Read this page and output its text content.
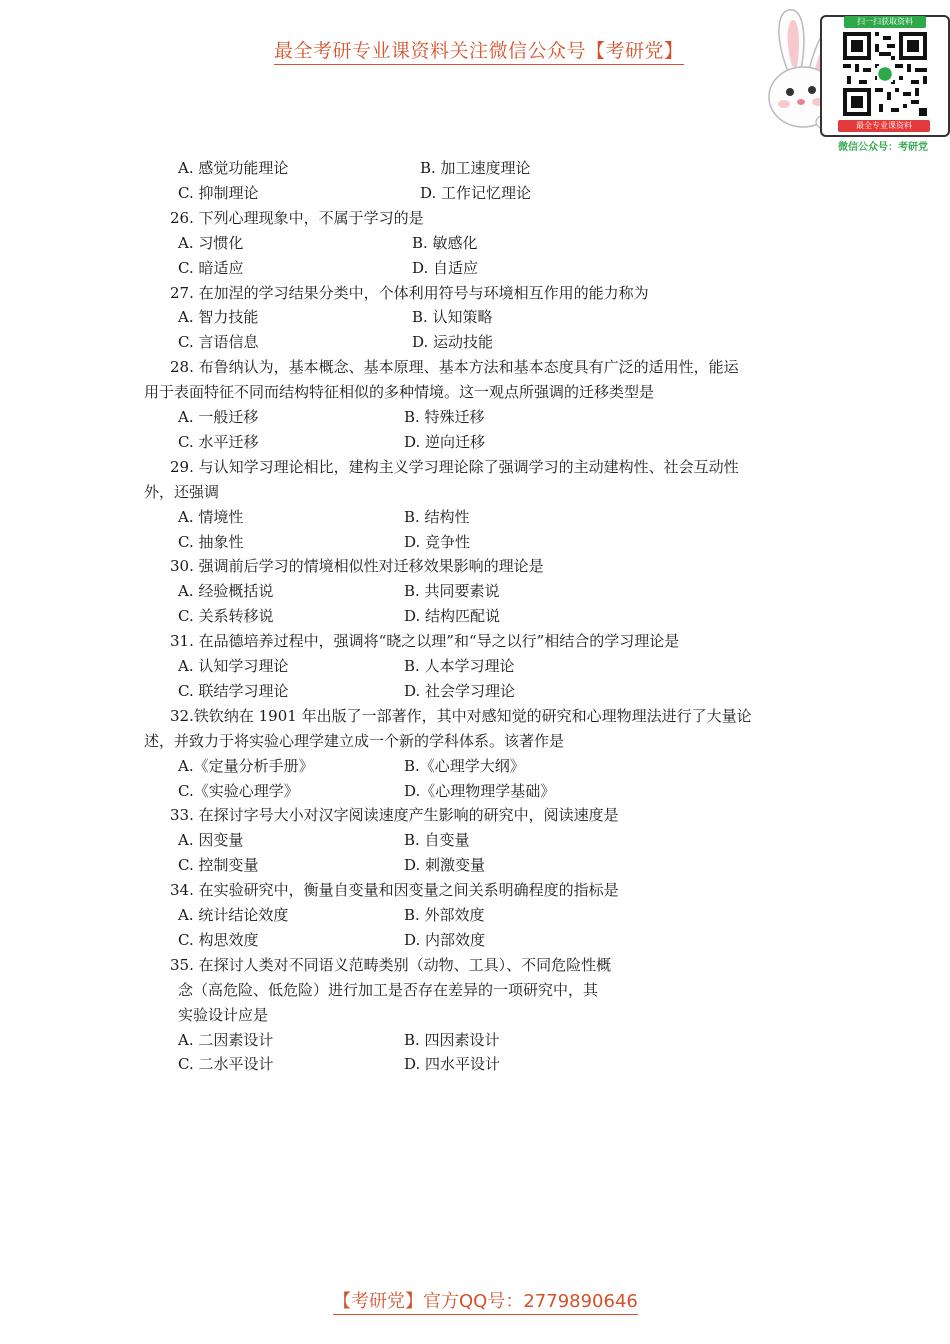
最全考研专业课资料关注微信公众号【考研党】
扫一扫获取资料
最全专业课资料
微信公众号：考研党
A. 感觉功能理论	B. 加工速度理论
C. 抑制理论	D. 工作记忆理论
26. 下列心理现象中，不属于学习的是
A. 习惯化	B. 敏感化
C. 暗适应	D. 自适应
27. 在加涅的学习结果分类中，个体利用符号与环境相互作用的能力称为
A. 智力技能	B. 认知策略
C. 言语信息	D. 运动技能
28. 布鲁纳认为，基本概念、基本原理、基本方法和基本态度具有广泛的适用性，能运
用于表面特征不同而结构特征相似的多种情境。这一观点所强调的迁移类型是
A. 一般迁移	B. 特殊迁移
C. 水平迁移	D. 逆向迁移
29. 与认知学习理论相比，建构主义学习理论除了强调学习的主动建构性、社会互动性
外，还强调
A. 情境性	B. 结构性
C. 抽象性	D. 竞争性
30. 强调前后学习的情境相似性对迁移效果影响的理论是
A. 经验概括说	B. 共同要素说
C. 关系转移说	D. 结构匹配说
31. 在品德培养过程中，强调将“晓之以理”和“导之以行”相结合的学习理论是
A. 认知学习理论	B. 人本学习理论
C. 联结学习理论	D. 社会学习理论
32.铁钦纳在 1901 年出版了一部著作，其中对感知觉的研究和心理物理法进行了大量论
述，并致力于将实验心理学建立成一个新的学科体系。该著作是
A.《定量分析手册》	B.《心理学大纲》
C.《实验心理学》	D.《心理物理学基础》
33. 在探讨字号大小对汉字阅读速度产生影响的研究中，阅读速度是
A. 因变量	B. 自变量
C. 控制变量	D. 刺激变量
34. 在实验研究中，衡量自变量和因变量之间关系明确程度的指标是
A. 统计结论效度	B. 外部效度
C. 构思效度	D. 内部效度
35. 在探讨人类对不同语义范畴类别（动物、工具）、不同危险性概
念（高危险、低危险）进行加工是否存在差异的一项研究中，其
实验设计应是
A. 二因素设计	B. 四因素设计
C. 二水平设计	D. 四水平设计
【考研党】官方QQ号：2779890646
